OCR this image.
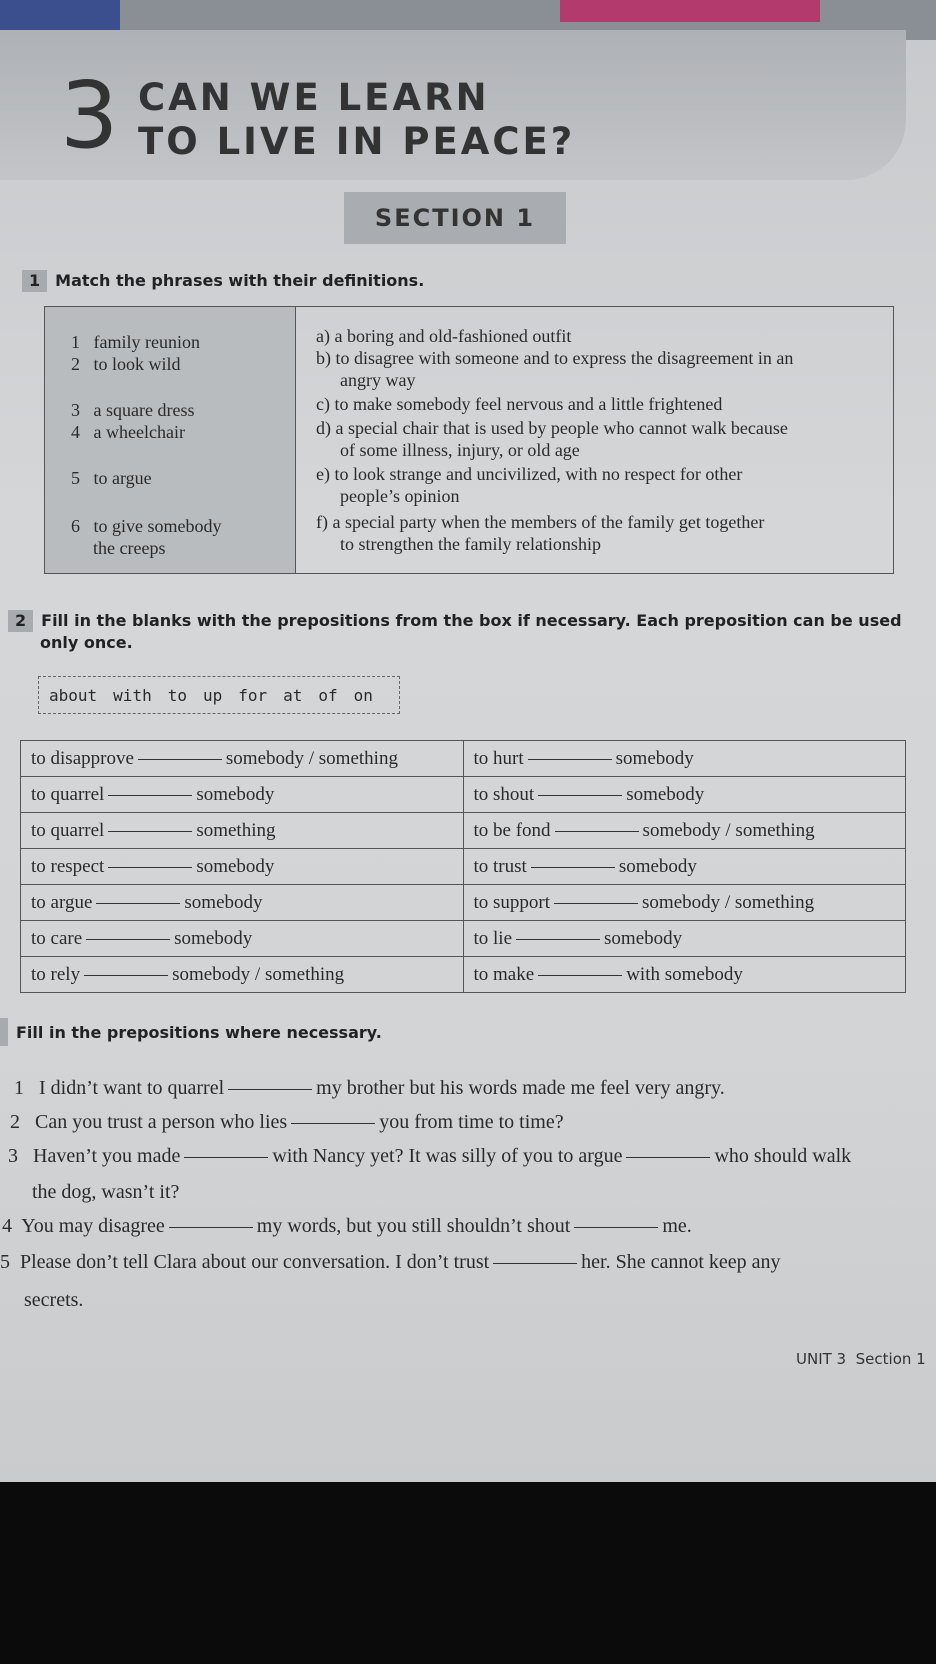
3 CAN WE LEARN
TO LIVE IN PEACE?
SECTION 1
1 Match the phrases with their definitions.
1 family reunion
2 to look wild
3 a square dress
4 a wheelchair
5 to argue
6 to give somebody
the creeps
a) a boring and old-fashioned outfit
b) to disagree with someone and to express the disagreement in an
angry way
c) to make somebody feel nervous and a little frightened
d) a special chair that is used by people who cannot walk because
of some illness, injury, or old age
e) to look strange and uncivilized, with no respect for other
people’s opinion
f) a special party when the members of the family get together
to strengthen the family relationship
2 Fill in the blanks with the prepositions from the box if necessary. Each preposition can be used
only once.
about with to up for at of on
to disapprove somebody / something	to hurt somebody
to quarrel somebody	to shout somebody
to quarrel something	to be fond somebody / something
to respect somebody	to trust somebody
to argue somebody	to support somebody / something
to care somebody	to lie somebody
to rely somebody / something	to make with somebody
Fill in the prepositions where necessary.
1 I didn’t want to quarrel	my brother but his words made me feel very angry.
2 Can you trust a person who lies	you from time to time?
3 Haven’t you made	with Nancy yet? It was silly of you to argue	who should walk
the dog, wasn’t it?
4 You may disagree	my words, but you still shouldn’t shout	me.
5 Please don’t tell Clara about our conversation. I don’t trust	her. She cannot keep any
secrets.
UNIT 3 Section 1
